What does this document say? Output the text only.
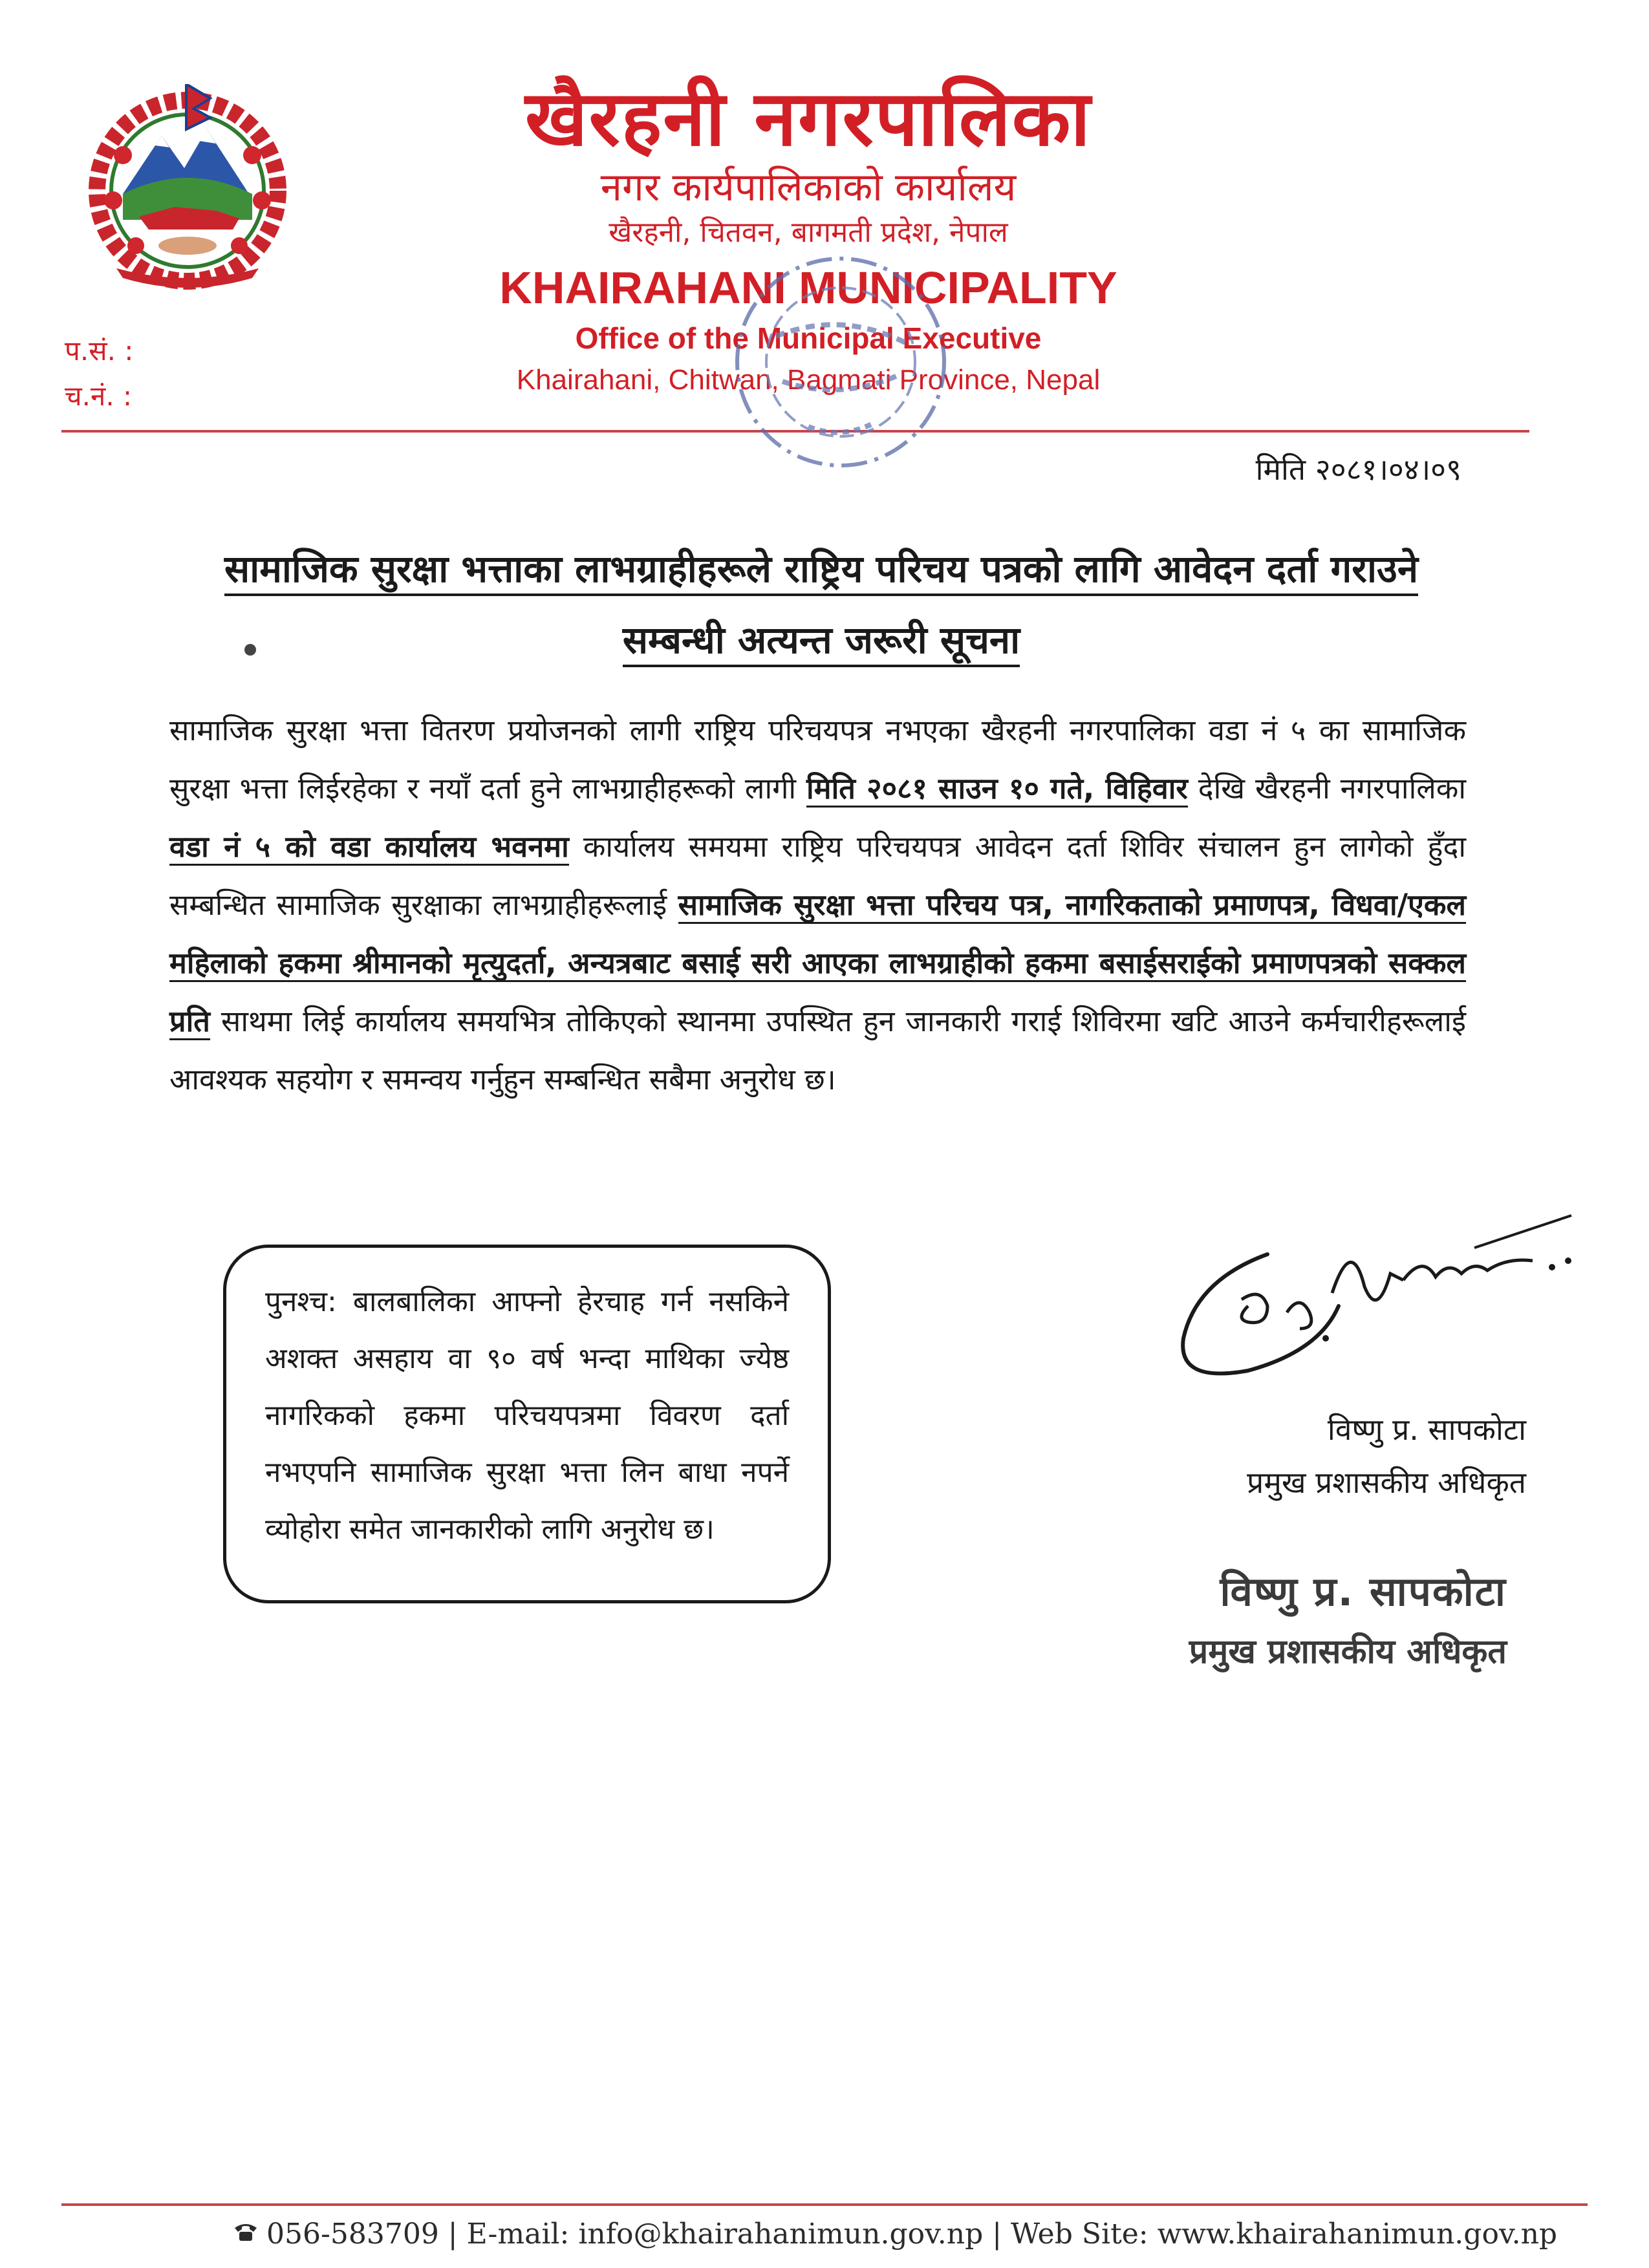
खैरहनी नगरपालिका
नगर कार्यपालिकाको कार्यालय
खैरहनी, चितवन, बागमती प्रदेश, नेपाल
KHAIRAHANI MUNICIPALITY
Office of the Municipal Executive
Khairahani, Chitwan, Bagmati Province, Nepal
प.सं. :
च.नं. :
मिति २०८१।०४।०९
सामाजिक सुरक्षा भत्ताका लाभग्राहीहरूले राष्ट्रिय परिचय पत्रको लागि आवेदन दर्ता गराउने
सम्बन्धी अत्यन्त जरूरी सूचना
सामाजिक सुरक्षा भत्ता वितरण प्रयोजनको लागी राष्ट्रिय परिचयपत्र नभएका खैरहनी नगरपालिका वडा नं ५ का सामाजिक सुरक्षा भत्ता लिईरहेका र नयाँ दर्ता हुने लाभग्राहीहरूको लागी मिति २०८१ साउन १० गते, विहिवार देखि खैरहनी नगरपालिका वडा नं ५ को वडा कार्यालय भवनमा कार्यालय समयमा राष्ट्रिय परिचयपत्र आवेदन दर्ता शिविर संचालन हुन लागेको हुँदा सम्बन्धित सामाजिक सुरक्षाका लाभग्राहीहरूलाई सामाजिक सुरक्षा भत्ता परिचय पत्र, नागरिकताको प्रमाणपत्र, विधवा/एकल महिलाको हकमा श्रीमानको मृत्युदर्ता, अन्यत्रबाट बसाई सरी आएका लाभग्राहीको हकमा बसाईसराईको प्रमाणपत्रको सक्कल प्रति साथमा लिई कार्यालय समयभित्र तोकिएको स्थानमा उपस्थित हुन जानकारी गराई शिविरमा खटि आउने कर्मचारीहरूलाई आवश्यक सहयोग र समन्वय गर्नुहुन सम्बन्धित सबैमा अनुरोध छ।
पुनश्च: बालबालिका आफ्नो हेरचाह गर्न नसकिने अशक्त असहाय वा ९० वर्ष भन्दा माथिका ज्येष्ठ नागरिकको हकमा परिचयपत्रमा विवरण दर्ता नभएपनि सामाजिक सुरक्षा भत्ता लिन बाधा नपर्ने व्योहोरा समेत जानकारीको लागि अनुरोध छ।
विष्णु प्र. सापकोटा
प्रमुख प्रशासकीय अधिकृत
विष्णु प्र. सापकोटा
प्रमुख प्रशासकीय अधिकृत
056-583709 | E-mail: info@khairahanimun.gov.np | Web Site: www.khairahanimun.gov.np
